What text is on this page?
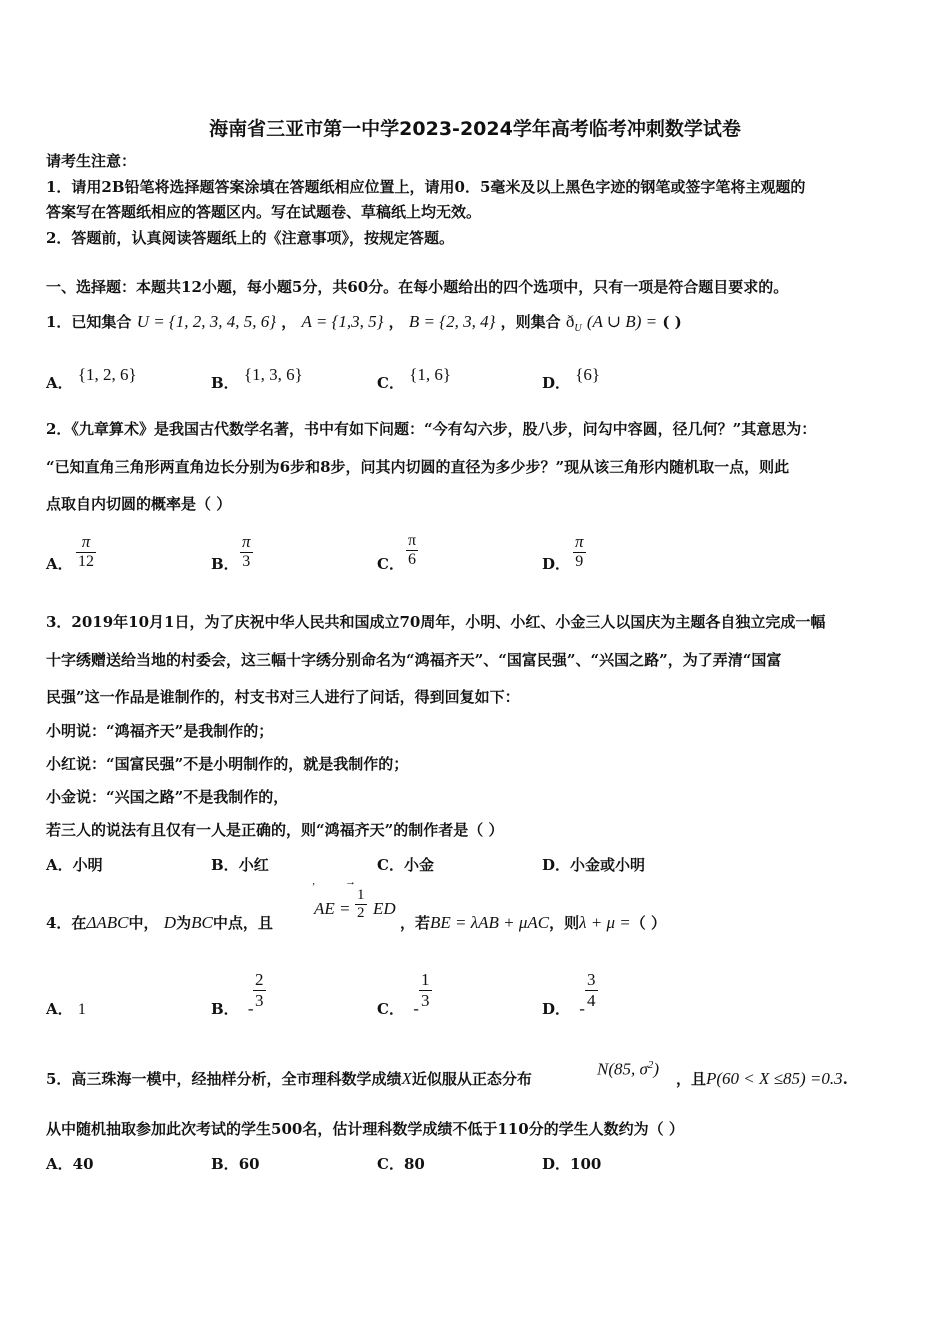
海南省三亚市第一中学2023-2024学年高考临考冲刺数学试卷
请考生注意：
1．请用2B铅笔将选择题答案涂填在答题纸相应位置上，请用0．5毫米及以上黑色字迹的钢笔或签字笔将主观题的
答案写在答题纸相应的答题区内。写在试题卷、草稿纸上均无效。
2．答题前，认真阅读答题纸上的《注意事项》，按规定答题。
一、选择题：本题共12小题，每小题5分，共60分。在每小题给出的四个选项中，只有一项是符合题目要求的。
1．已知集合 U = {1, 2, 3, 4, 5, 6} ， A = {1,3, 5} ， B = {2, 3, 4} ，则集合 $ð_U$ (A ∪ B) = ( )
A． {1, 2, 6}	B． {1, 3, 6}	C． {1, 6}	D． {6}
2．《九章算术》是我国古代数学名著，书中有如下问题：“今有勾六步，股八步，问勾中容圆，径几何？”其意思为：
“已知直角三角形两直角边长分别为6步和8步，问其内切圆的直径为多少步？”现从该三角形内随机取一点，则此
点取自内切圆的概率是（ ）
A．
π
12	B．
π
3	C．
π
6	D．
π
9
3．2019年10月1日，为了庆祝中华人民共和国成立70周年，小明、小红、小金三人以国庆为主题各自独立完成一幅
十字绣赠送给当地的村委会，这三幅十字绣分别命名为“鸿福齐天”、“国富民强”、“兴国之路”，为了弄清“国富
民强”这一作品是谁制作的，村支书对三人进行了问话，得到回复如下：
小明说：“鸿福齐天”是我制作的；
小红说：“国富民强”不是小明制作的，就是我制作的；
小金说：“兴国之路”不是我制作的，
若三人的说法有且仅有一人是正确的，则“鸿福齐天”的制作者是（ ）
A．小明	B．小红	C．小金	D．小金或小明
4．在ΔABC中， D为BC中点，且
’	→
AE =
1
2 ED
，若BE = λAB + μAC，则λ + μ =（ ）
A． 1	B． -
2
3	C． -
1
3	D． -
3
4
5．高三珠海一模中，经抽样分析，全市理科数学成绩X近似服从正态分布
N(85, $\sigma^2$)
，且P(60 < X ≤85) =0.3.
从中随机抽取参加此次考试的学生500名，估计理科数学成绩不低于110分的学生人数约为（ ）
A．40	B．60	C．80	D．100
